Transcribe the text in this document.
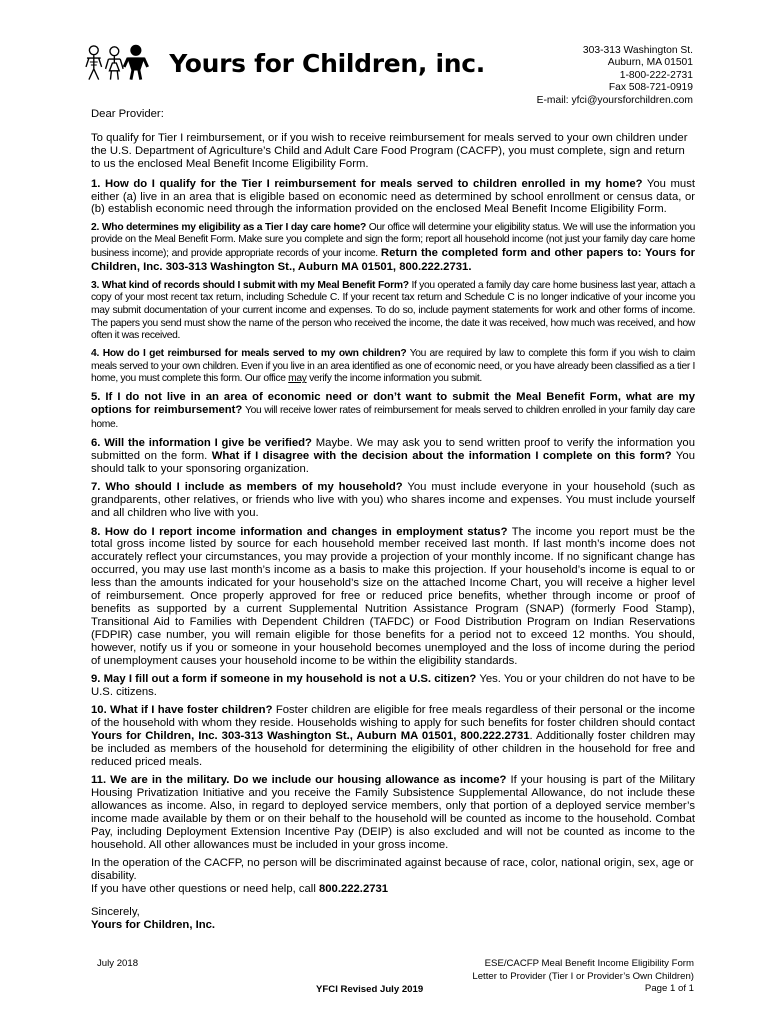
Yours for Children, inc.	303-313 Washington St.
Auburn, MA 01501
1-800-222-2731
Fax 508-721-0919
E-mail: yfci@yoursforchildren.com

Dear Provider:

To qualify for Tier I reimbursement, or if you wish to receive reimbursement for meals served to your own children under the U.S. Department of Agriculture’s Child and Adult Care Food Program (CACFP), you must complete, sign and return to us the enclosed Meal Benefit Income Eligibility Form.

1. How do I qualify for the Tier I reimbursement for meals served to children enrolled in my home? You must either (a) live in an area that is eligible based on economic need as determined by school enrollment or census data, or (b) establish economic need through the information provided on the enclosed Meal Benefit Income Eligibility Form.

2. Who determines my eligibility as a Tier I day care home? Our office will determine your eligibility status. We will use the information you provide on the Meal Benefit Form. Make sure you complete and sign the form; report all household income (not just your family day care home business income); and provide appropriate records of your income. Return the completed form and other papers to: Yours for Children, Inc. 303-313 Washington St., Auburn MA 01501, 800.222.2731.

3. What kind of records should I submit with my Meal Benefit Form? If you operated a family day care home business last year, attach a copy of your most recent tax return, including Schedule C. If your recent tax return and Schedule C is no longer indicative of your income you may submit documentation of your current income and expenses. To do so, include payment statements for work and other forms of income. The papers you send must show the name of the person who received the income, the date it was received, how much was received, and how often it was received.

4. How do I get reimbursed for meals served to my own children? You are required by law to complete this form if you wish to claim meals served to your own children. Even if you live in an area identified as one of economic need, or you have already been classified as a tier I home, you must complete this form. Our office may verify the income information you submit.

5. If I do not live in an area of economic need or don’t want to submit the Meal Benefit Form, what are my options for reimbursement? You will receive lower rates of reimbursement for meals served to children enrolled in your family day care home.

6. Will the information I give be verified? Maybe. We may ask you to send written proof to verify the information you submitted on the form. What if I disagree with the decision about the information I complete on this form? You should talk to your sponsoring organization.

7. Who should I include as members of my household? You must include everyone in your household (such as grandparents, other relatives, or friends who live with you) who shares income and expenses. You must include yourself and all children who live with you.

8. How do I report income information and changes in employment status? The income you report must be the total gross income listed by source for each household member received last month. If last month’s income does not accurately reflect your circumstances, you may provide a projection of your monthly income. If no significant change has occurred, you may use last month’s income as a basis to make this projection. If your household’s income is equal to or less than the amounts indicated for your household’s size on the attached Income Chart, you will receive a higher level of reimbursement. Once properly approved for free or reduced price benefits, whether through income or proof of benefits as supported by a current Supplemental Nutrition Assistance Program (SNAP) (formerly Food Stamp), Transitional Aid to Families with Dependent Children (TAFDC) or Food Distribution Program on Indian Reservations (FDPIR) case number, you will remain eligible for those benefits for a period not to exceed 12 months. You should, however, notify us if you or someone in your household becomes unemployed and the loss of income during the period of unemployment causes your household income to be within the eligibility standards.

9. May I fill out a form if someone in my household is not a U.S. citizen? Yes. You or your children do not have to be U.S. citizens.

10. What if I have foster children? Foster children are eligible for free meals regardless of their personal or the income of the household with whom they reside. Households wishing to apply for such benefits for foster children should contact Yours for Children, Inc. 303-313 Washington St., Auburn MA 01501, 800.222.2731. Additionally foster children may be included as members of the household for determining the eligibility of other children in the household for free and reduced priced meals.

11. We are in the military. Do we include our housing allowance as income? If your housing is part of the Military Housing Privatization Initiative and you receive the Family Subsistence Supplemental Allowance, do not include these allowances as income. Also, in regard to deployed service members, only that portion of a deployed service member’s income made available by them or on their behalf to the household will be counted as income to the household. Combat Pay, including Deployment Extension Incentive Pay (DEIP) is also excluded and will not be counted as income to the household. All other allowances must be included in your gross income.

In the operation of the CACFP, no person will be discriminated against because of race, color, national origin, sex, age or disability.

If you have other questions or need help, call 800.222.2731

Sincerely,
Yours for Children, Inc.
July 2018	ESE/CACFP Meal Benefit Income Eligibility Form
Letter to Provider (Tier I or Provider’s Own Children)
Page 1 of 1
YFCI Revised July 2019
